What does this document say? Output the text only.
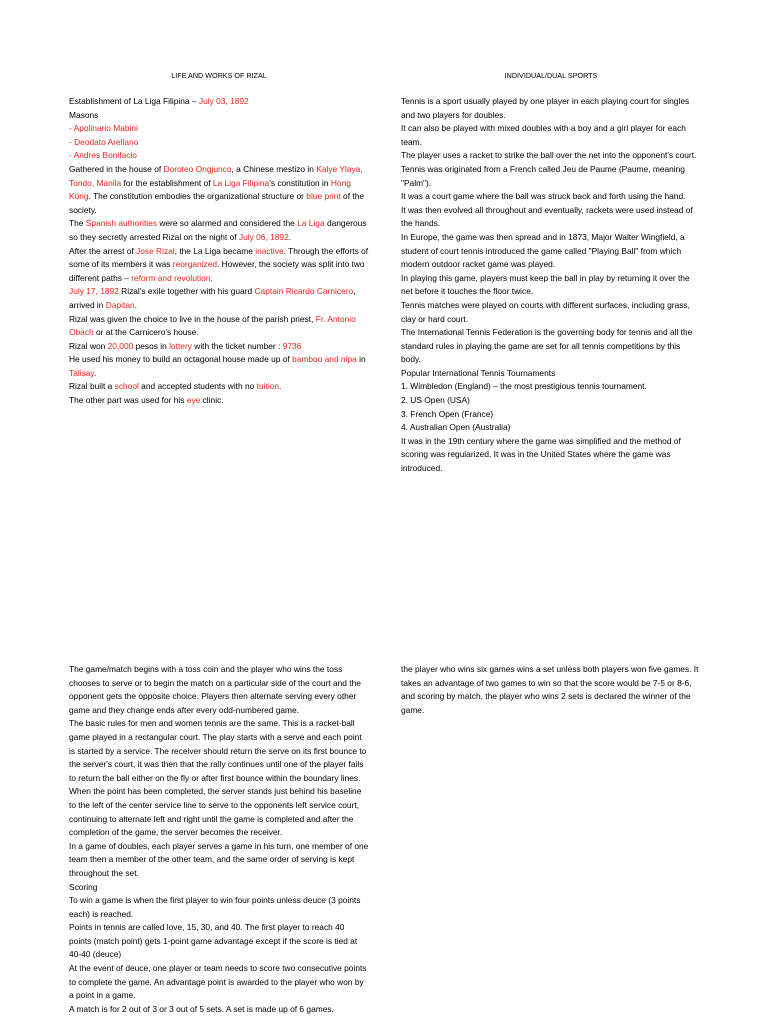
LIFE AND WORKS OF RIZAL	INDIVIDUAL/DUAL SPORTS

Establishment of La Liga Filipina – July 03, 1892

Masons

- Apolinario Mabini

- Deodato Arellano

- Andres Bonifacio

Gathered in the house of Doroteo Ongjunco, a Chinese mestizo in Kalye Ylaya, Tondo, Manila for the establishment of La Liga Filipina's constitution in Hong Kong. The constitution embodies the organizational structure or blue print of the society.

The Spanish authorities were so alarmed and considered the La Liga dangerous so they secretly arrested Rizal on the night of July 06, 1892.

After the arrest of Jose Rizal, the La Liga became inactive. Through the efforts of some of its members it was reorganized. However, the society was split into two different paths – reform and revolution.

July 17, 1892 Rizal's exile together with his guard Captain Ricardo Carnicero, arrived in Dapitan.

Rizal was given the choice to live in the house of the parish priest, Fr. Antonio Obach or at the Carnicero's house.

Rizal won 20,000 pesos in lottery with the ticket number : 9736

He used his money to build an octagonal house made up of bamboo and nipa in Talisay.

Rizal built a school and accepted students with no tuition.

The other part was used for his eye clinic.

Tennis is a sport usually played by one player in each playing court for singles and two players for doubles.

It can also be played with mixed doubles with a boy and a girl player for each team.

The player uses a racket to strike the ball over the net into the opponent's court.

Tennis was originated from a French called Jeu de Paume (Paume, meaning "Palm").

It was a court game where the ball was struck back and forth using the hand.

It was then evolved all throughout and eventually, rackets were used instead of the hands.

In Europe, the game was then spread and in 1873, Major Walter Wingfield, a student of court tennis introduced the game called "Playing Ball" from which modern outdoor racket game was played.

In playing this game, players must keep the ball in play by returning it over the net before it touches the floor twice.

Tennis matches were played on courts with different surfaces, including grass, clay or hard court.

The International Tennis Federation is the governing body for tennis and all the standard rules in playing the game are set for all tennis competitions by this body.

Popular International Tennis Tournaments

1. Wimbledon (England) – the most prestigious tennis tournament.

2. US Open (USA)

3. French Open (France)

4. Australian Open (Australia)

It was in the 19th century where the game was simplified and the method of scoring was regularized. It was in the United States where the game was introduced.

The game/match begins with a toss coin and the player who wins the toss chooses to serve or to begin the match on a particular side of the court and the opponent gets the opposite choice. Players then alternate serving every other game and they change ends after every odd-numbered game.

The basic rules for men and women tennis are the same. This is a racket-ball game played in a rectangular court. The play starts with a serve and each point is started by a service. The receiver should return the serve on its first bounce to the server's court, it was then that the rally continues until one of the player fails to return the ball either on the fly or after first bounce within the boundary lines. When the point has been completed, the server stands just behind his baseline to the left of the center service line to serve to the opponents left service court, continuing to alternate left and right until the game is completed and after the completion of the game, the server becomes the receiver.

In a game of doubles, each player serves a game in his turn, one member of one team then a member of the other team, and the same order of serving is kept throughout the set.

Scoring

To win a game is when the first player to win four points unless deuce (3 points each) is reached.

Points in tennis are called love, 15, 30, and 40. The first player to reach 40 points (match point) gets 1-point game advantage except if the score is tied at 40-40 (deuce)

At the event of deuce, one player or team needs to score two consecutive points to complete the game. An advantage point is awarded to the player who won by a point in a game.

A match is for 2 out of 3 or 3 out of 5 sets. A set is made up of 6 games.

the player who wins six games wins a set unless both players won five games. It takes an advantage of two games to win so that the score would be 7-5 or 8-6, and scoring by match, the player who wins 2 sets is declared the winner of the game.
